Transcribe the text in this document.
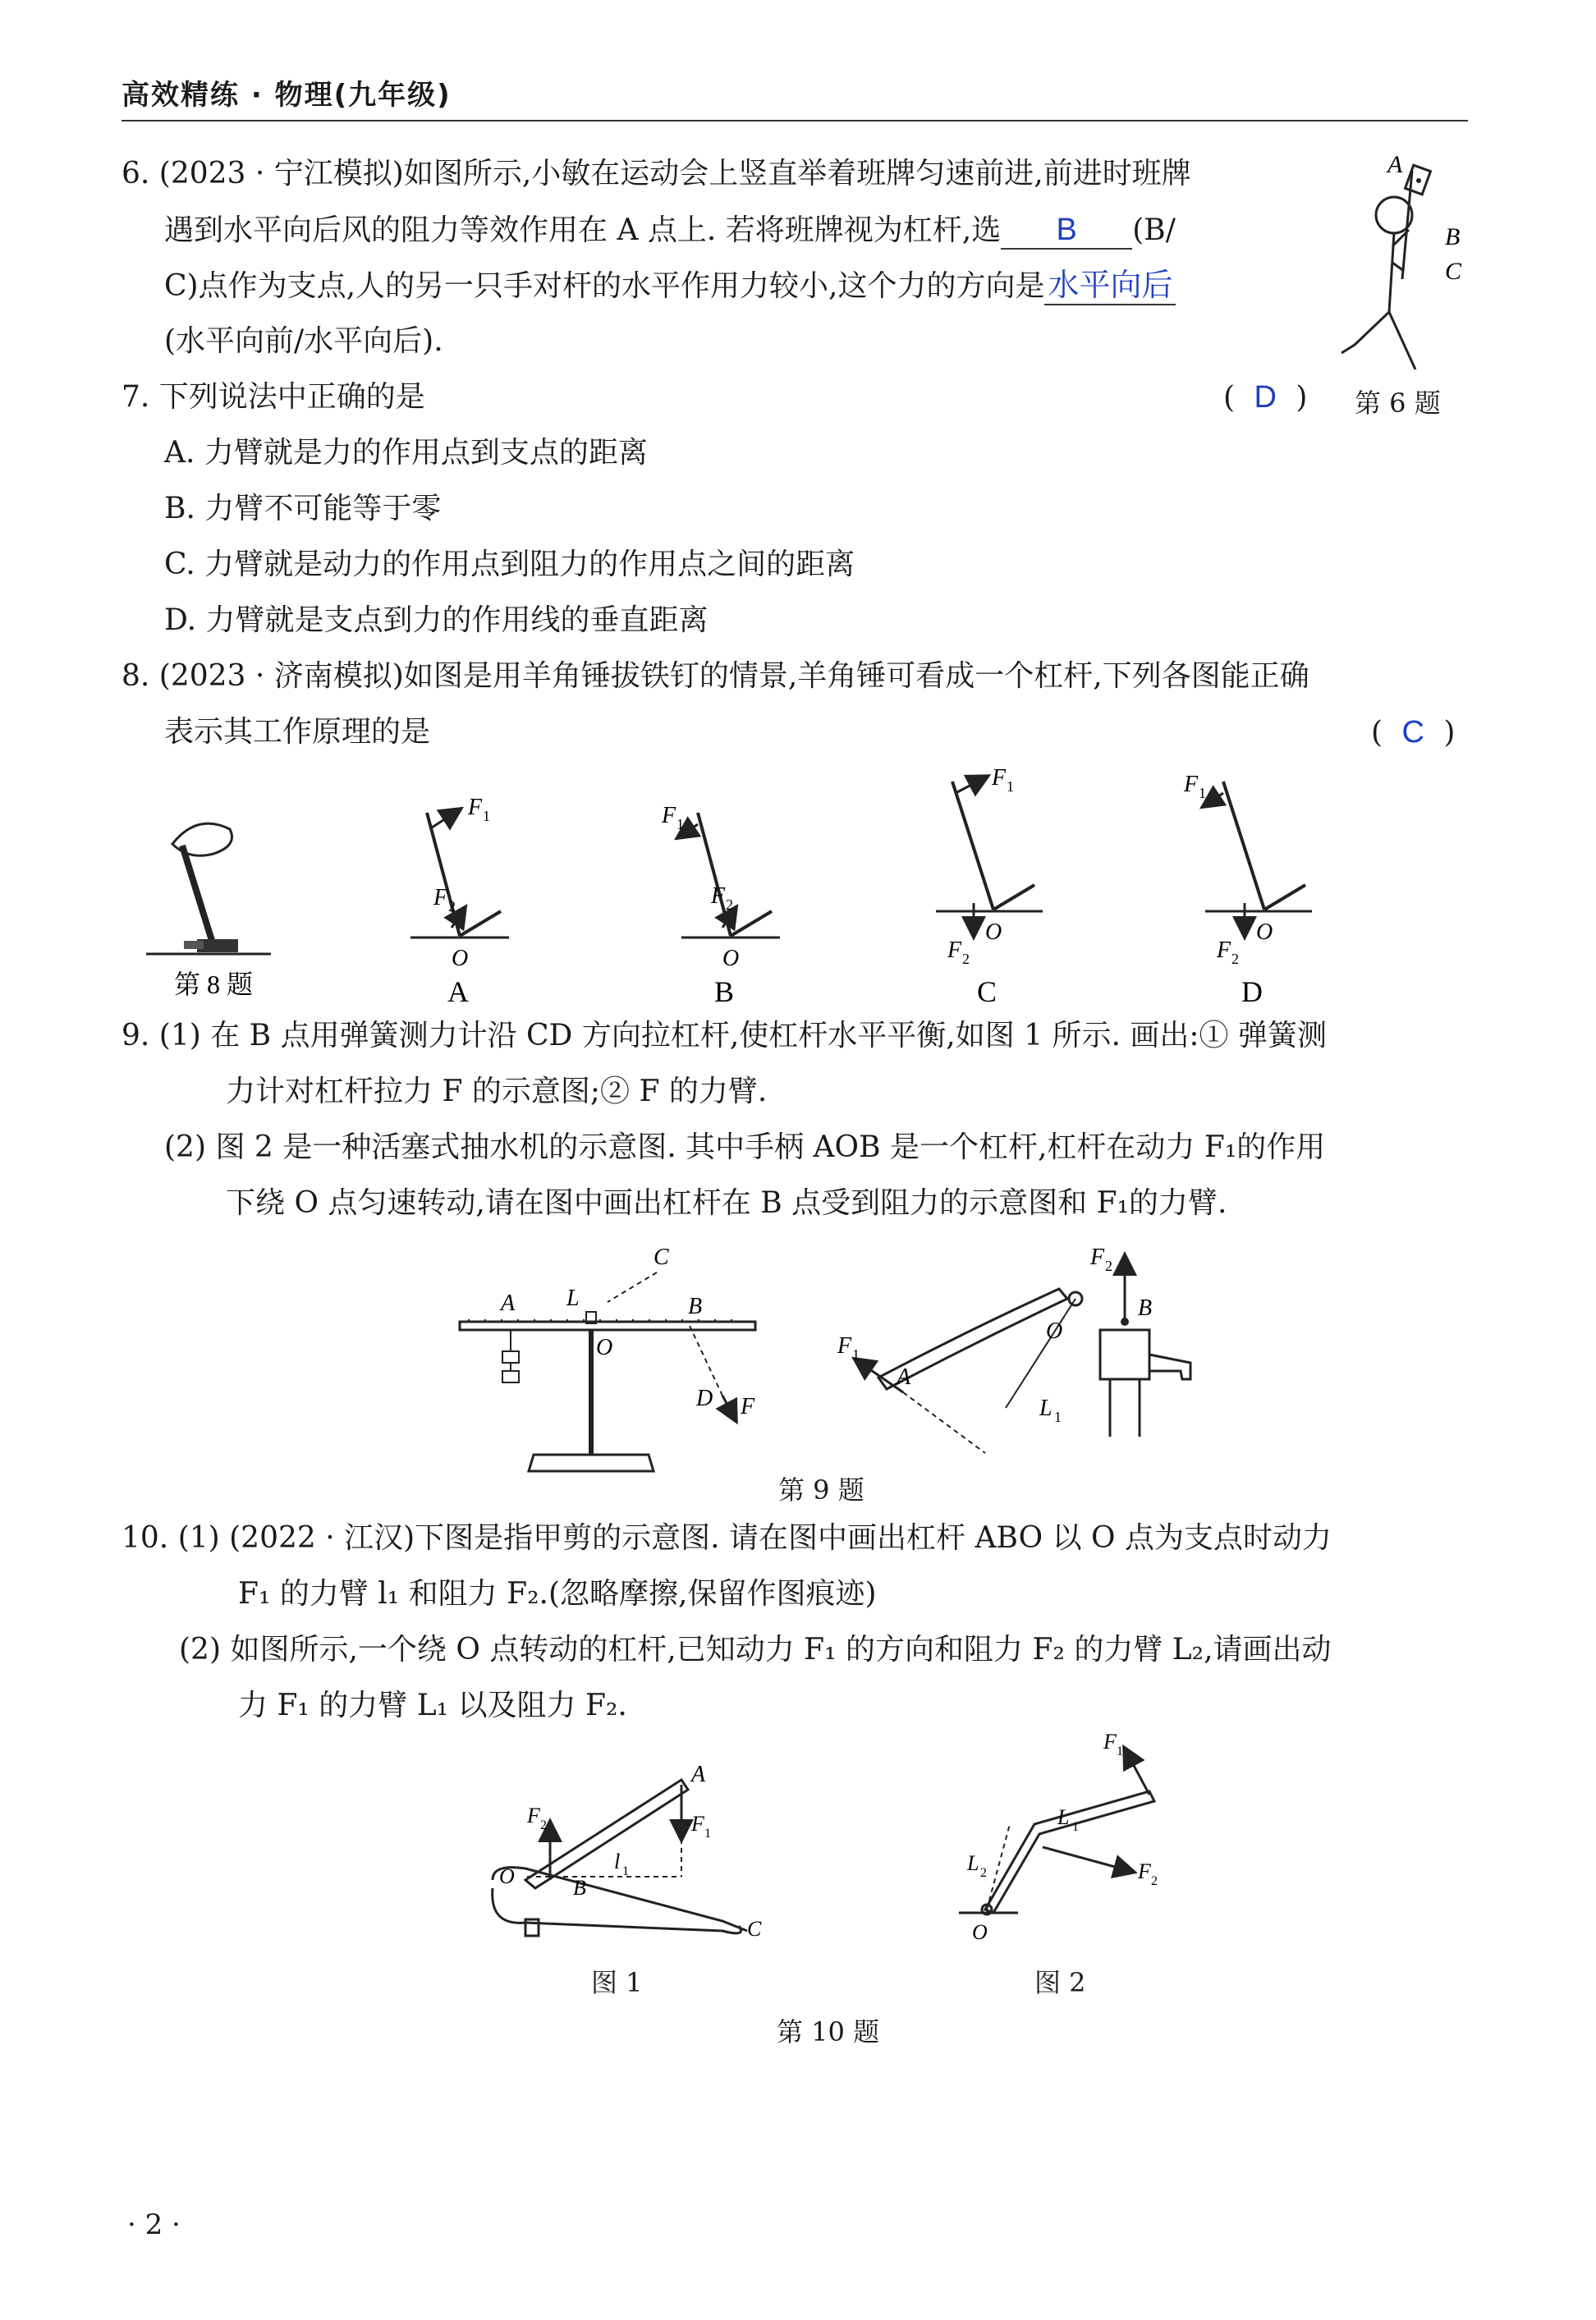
高效精练 · 物理(九年级)
6. (2023 · 宁江模拟)如图所示,小敏在运动会上竖直举着班牌匀速前进,前进时班牌
遇到水平向后风的阻力等效作用在 A 点上. 若将班牌视为杠杆,选 B (B/
C)点作为支点,人的另一只手对杆的水平作用力较小,这个力的方向是 水平向后
(水平向前/水平向后).
A
B
C
7. 下列说法中正确的是	( D ) 第 6 题
A. 力臂就是力的作用点到支点的距离
B. 力臂不可能等于零
C. 力臂就是动力的作用点到阻力的作用点之间的距离
D. 力臂就是支点到力的作用线的垂直距离
8. (2023 · 济南模拟)如图是用羊角锤拔铁钉的情景,羊角锤可看成一个杠杆,下列各图能正确
表示其工作原理的是	( C )
第 8 题
F 1
F 2
O
A
F 1
F 2
O
B
F 1
O
F 2
C
F 1
O
F 2
D
9. (1) 在 B 点用弹簧测力计沿 CD 方向拉杠杆,使杠杆水平平衡,如图 1 所示. 画出:① 弹簧测
力计对杠杆拉力 F 的示意图;② F 的力臂.
(2) 图 2 是一种活塞式抽水机的示意图. 其中手柄 AOB 是一个杠杆,杠杆在动力 F₁的作用
下绕 O 点匀速转动,请在图中画出杠杆在 B 点受到阻力的示意图和 F₁的力臂.
A L
C
B
O
D F
F 2
O
B
F 1
A
L 1
第 9 题
10. (1) (2022 · 江汉)下图是指甲剪的示意图. 请在图中画出杠杆 ABO 以 O 点为支点时动力
F₁ 的力臂 l₁ 和阻力 F₂.(忽略摩擦,保留作图痕迹)
(2) 如图所示,一个绕 O 点转动的杠杆,已知动力 F₁ 的方向和阻力 F₂ 的力臂 L₂,请画出动
力 F₁ 的力臂 L₁ 以及阻力 F₂.
A
F 2	F 1
l 1
O	B
C
F 1
L 1
L 2	F 2
O
图 1	图 2
第 10 题
· 2 ·
